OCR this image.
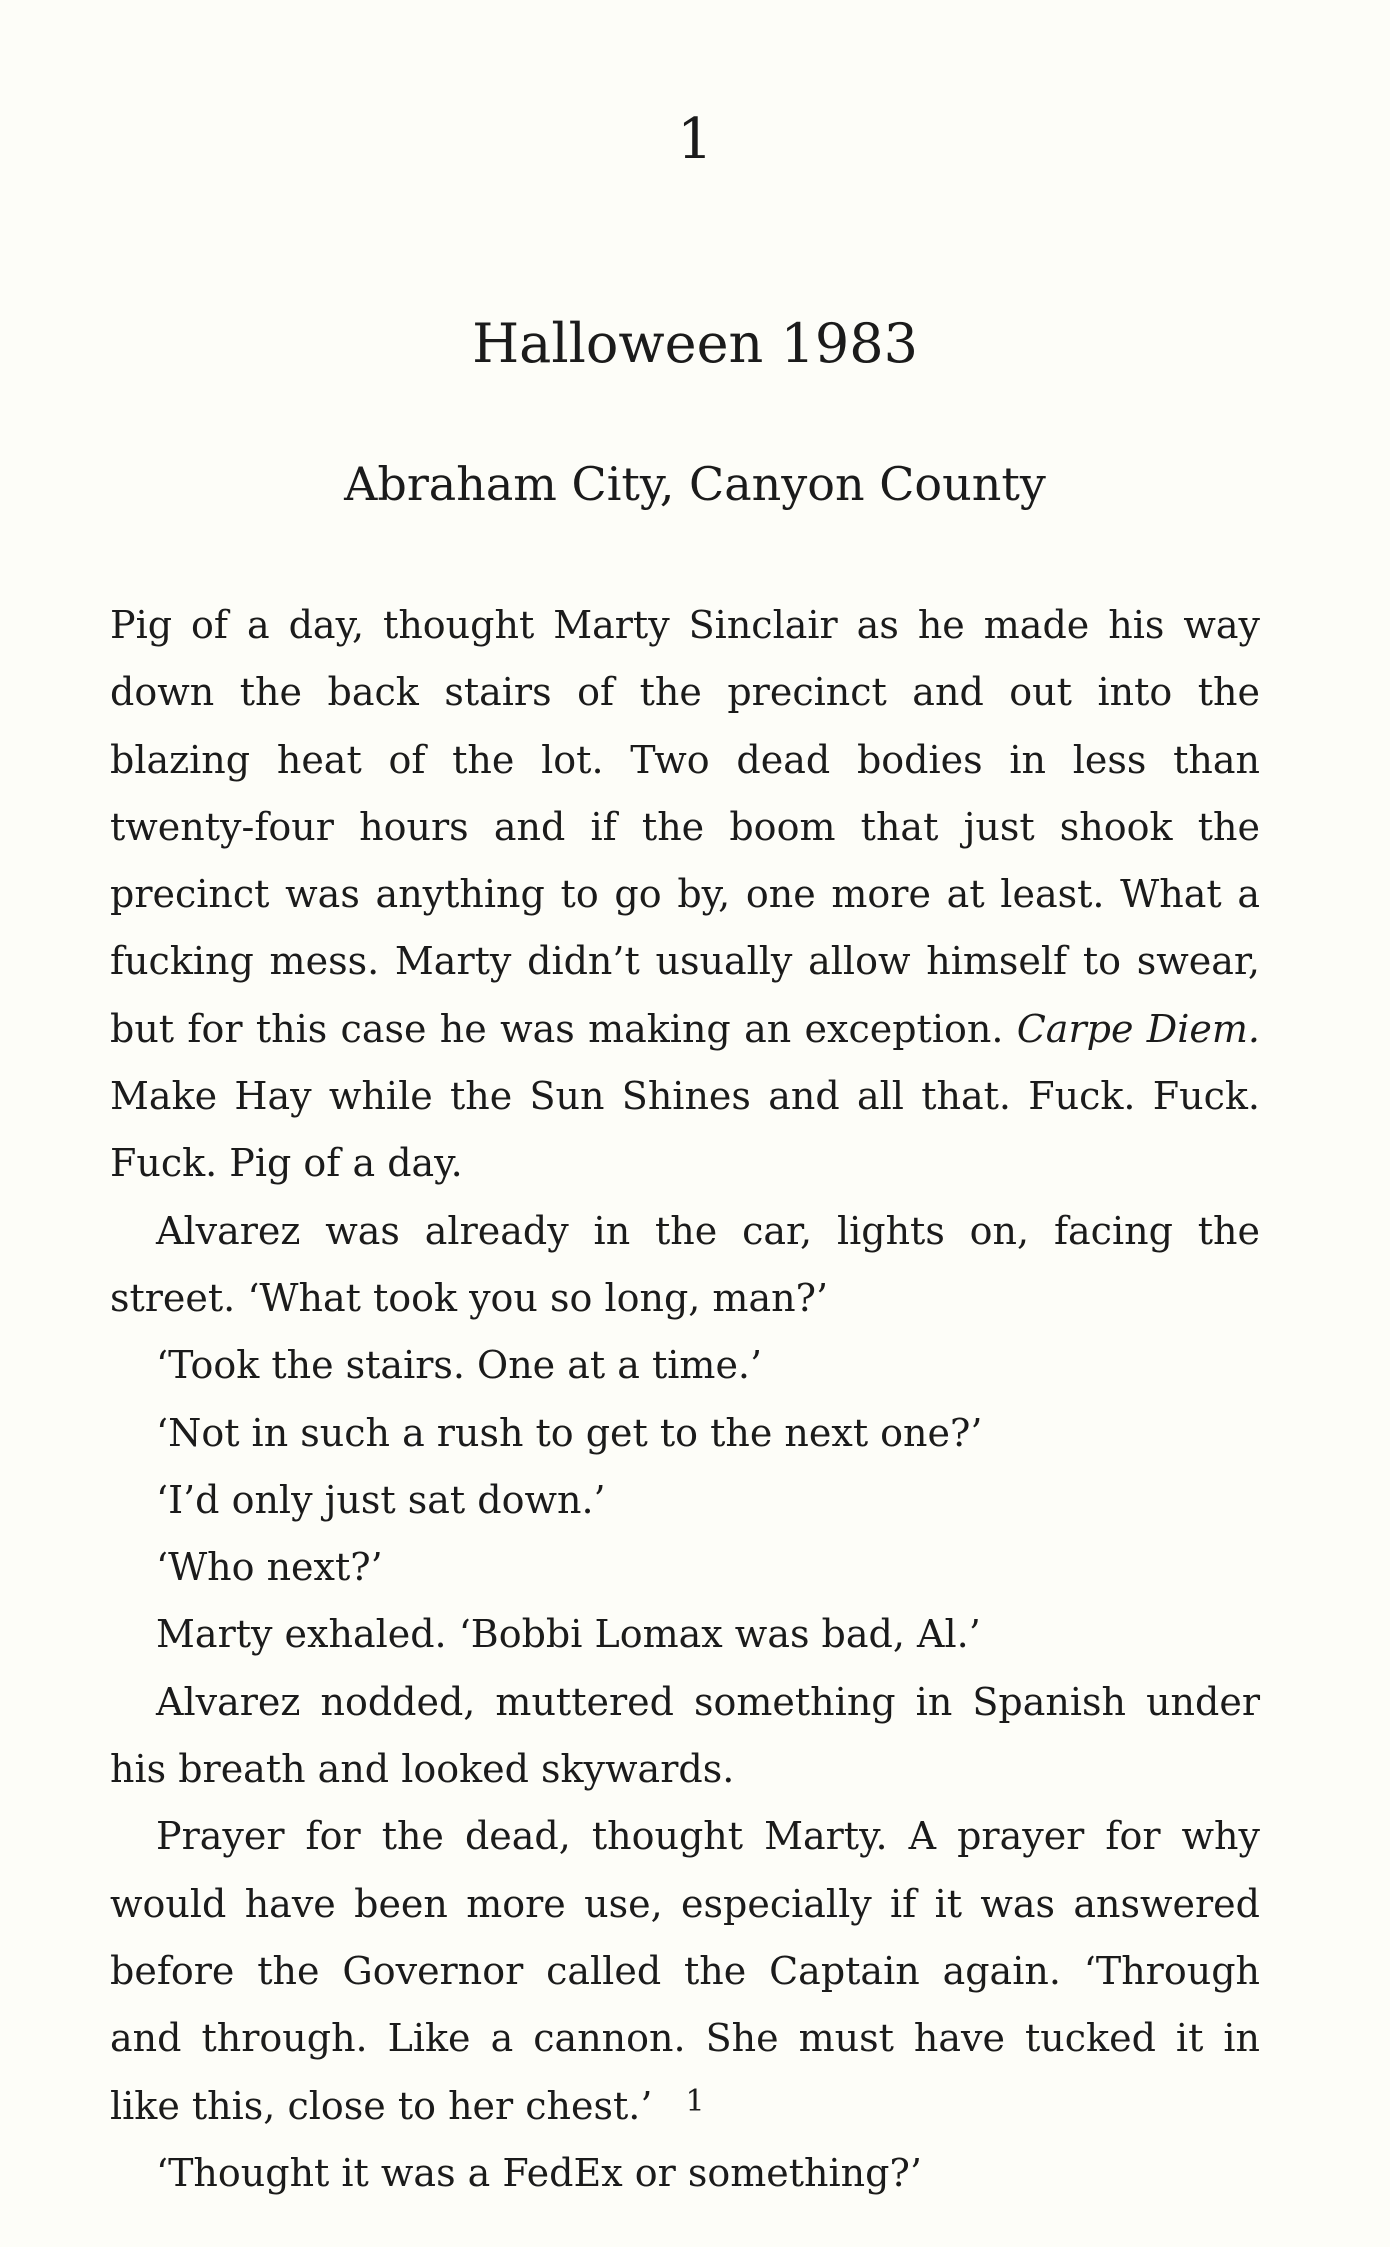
1
Halloween 1983
Abraham City, Canyon County

Pig of a day, thought Marty Sinclair as he made his way down the back stairs of the precinct and out into the blazing heat of the lot. Two dead bodies in less than twenty-four hours and if the boom that just shook the precinct was anything to go by, one more at least. What a fucking mess. Marty didn’t usually allow himself to swear, but for this case he was making an exception. Carpe Diem. Make Hay while the Sun Shines and all that. Fuck. Fuck. Fuck. Pig of a day.

Alvarez was already in the car, lights on, facing the street. ‘What took you so long, man?’

‘Took the stairs. One at a time.’

‘Not in such a rush to get to the next one?’

‘I’d only just sat down.’

‘Who next?’

Marty exhaled. ‘Bobbi Lomax was bad, Al.’

Alvarez nodded, muttered something in Spanish under his breath and looked skywards.

Prayer for the dead, thought Marty. A prayer for why would have been more use, especially if it was answered before the Governor called the Captain again. ‘Through and through. Like a cannon. She must have tucked it in like this, close to her chest.’

‘Thought it was a FedEx or something?’

1
